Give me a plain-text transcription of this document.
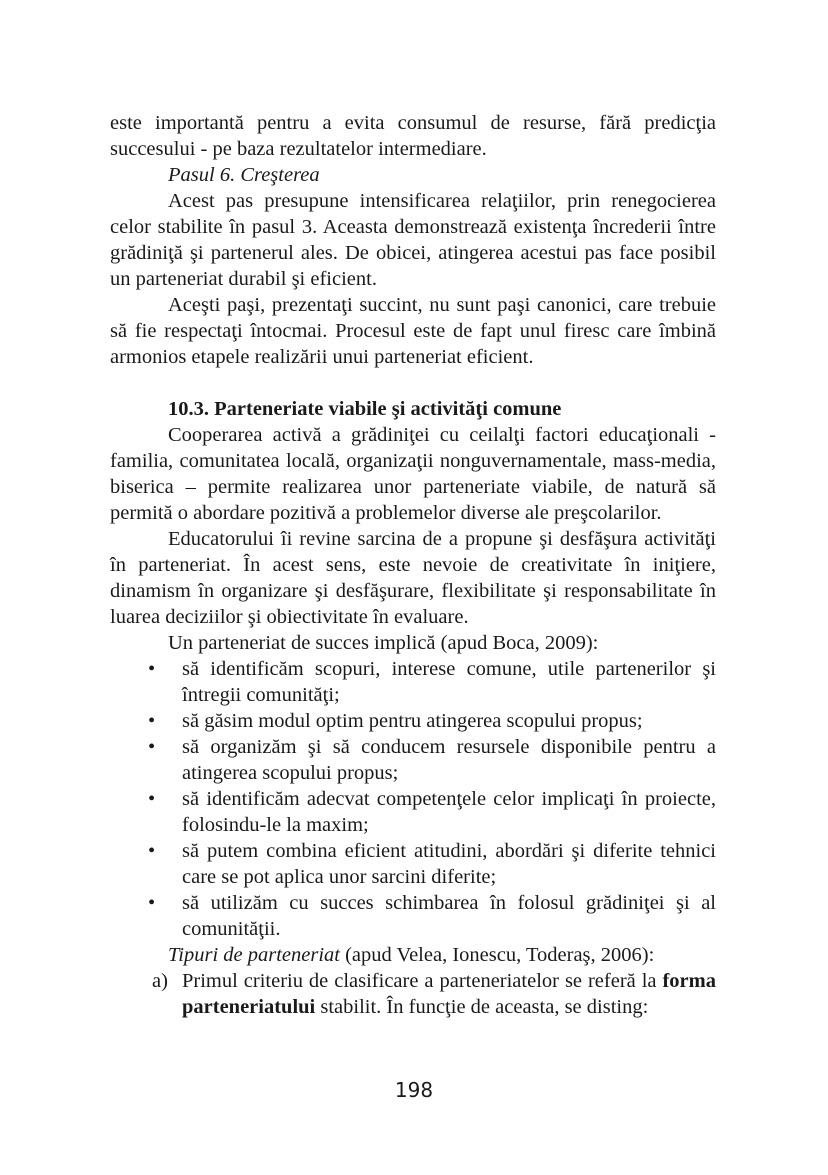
este importantă pentru a evita consumul de resurse, fără predicţia succesului - pe baza rezultatelor intermediare.

Pasul 6. Creşterea

Acest pas presupune intensificarea relaţiilor, prin renegocierea celor stabilite în pasul 3. Aceasta demonstrează existenţa încrederii între grădiniţă şi partenerul ales. De obicei, atingerea acestui pas face posibil un parteneriat durabil şi eficient.

Aceşti paşi, prezentaţi succint, nu sunt paşi canonici, care trebuie să fie respectaţi întocmai. Procesul este de fapt unul firesc care îmbină armonios etapele realizării unui parteneriat eficient.

10.3. Parteneriate viabile şi activităţi comune

Cooperarea activă a grădiniţei cu ceilalţi factori educaţionali - familia, comunitatea locală, organizaţii nonguvernamentale, mass-media, biserica – permite realizarea unor parteneriate viabile, de natură să permită o abordare pozitivă a problemelor diverse ale preşcolarilor.

Educatorului îi revine sarcina de a propune şi desfăşura activităţi în parteneriat. În acest sens, este nevoie de creativitate în iniţiere, dinamism în organizare şi desfăşurare, flexibilitate şi responsabilitate în luarea deciziilor şi obiectivitate în evaluare.

Un parteneriat de succes implică (apud Boca, 2009):

• să identificăm scopuri, interese comune, utile partenerilor şi întregii comunităţi;
• să găsim modul optim pentru atingerea scopului propus;
• să organizăm şi să conducem resursele disponibile pentru a atingerea scopului propus;
• să identificăm adecvat competenţele celor implicaţi în proiecte, folosindu-le la maxim;
• să putem combina eficient atitudini, abordări şi diferite tehnici care se pot aplica unor sarcini diferite;
• să utilizăm cu succes schimbarea în folosul grădiniţei şi al comunităţii.

Tipuri de parteneriat (apud Velea, Ionescu, Toderaş, 2006):

a) Primul criteriu de clasificare a parteneriatelor se referă la forma parteneriatului stabilit. În funcţie de aceasta, se disting:
198
